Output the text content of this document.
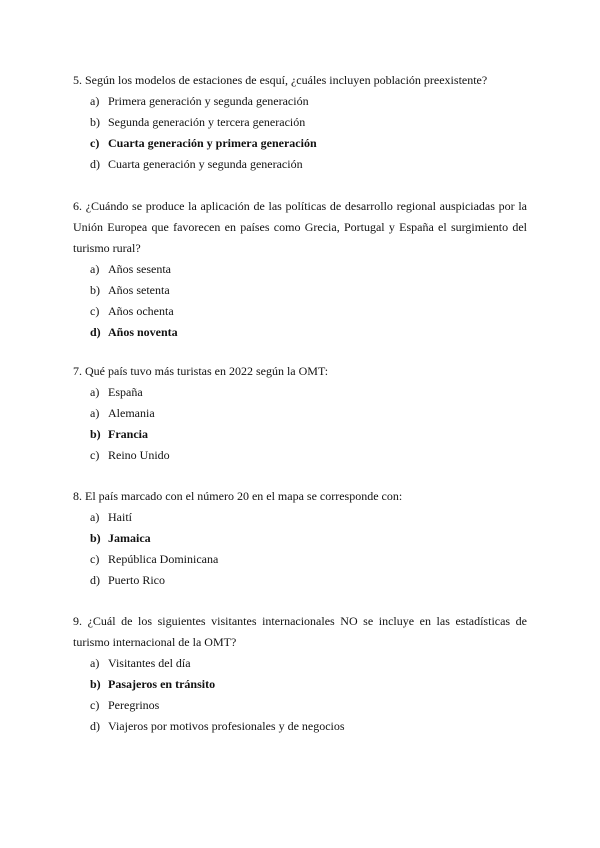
5. Según los modelos de estaciones de esquí, ¿cuáles incluyen población preexistente?

a) Primera generación y segunda generación
b) Segunda generación y tercera generación
c) Cuarta generación y primera generación
d) Cuarta generación y segunda generación

6. ¿Cuándo se produce la aplicación de las políticas de desarrollo regional auspiciadas por la Unión Europea que favorecen en países como Grecia, Portugal y España el surgimiento del turismo rural?

a) Años sesenta
b) Años setenta
c) Años ochenta
d) Años noventa

7. Qué país tuvo más turistas en 2022 según la OMT:

a) España
a) Alemania
b) Francia
c) Reino Unido

8. El país marcado con el número 20 en el mapa se corresponde con:

a) Haití
b) Jamaica
c) República Dominicana
d) Puerto Rico

9. ¿Cuál de los siguientes visitantes internacionales NO se incluye en las estadísticas de turismo internacional de la OMT?

a) Visitantes del día
b) Pasajeros en tránsito
c) Peregrinos
d) Viajeros por motivos profesionales y de negocios
